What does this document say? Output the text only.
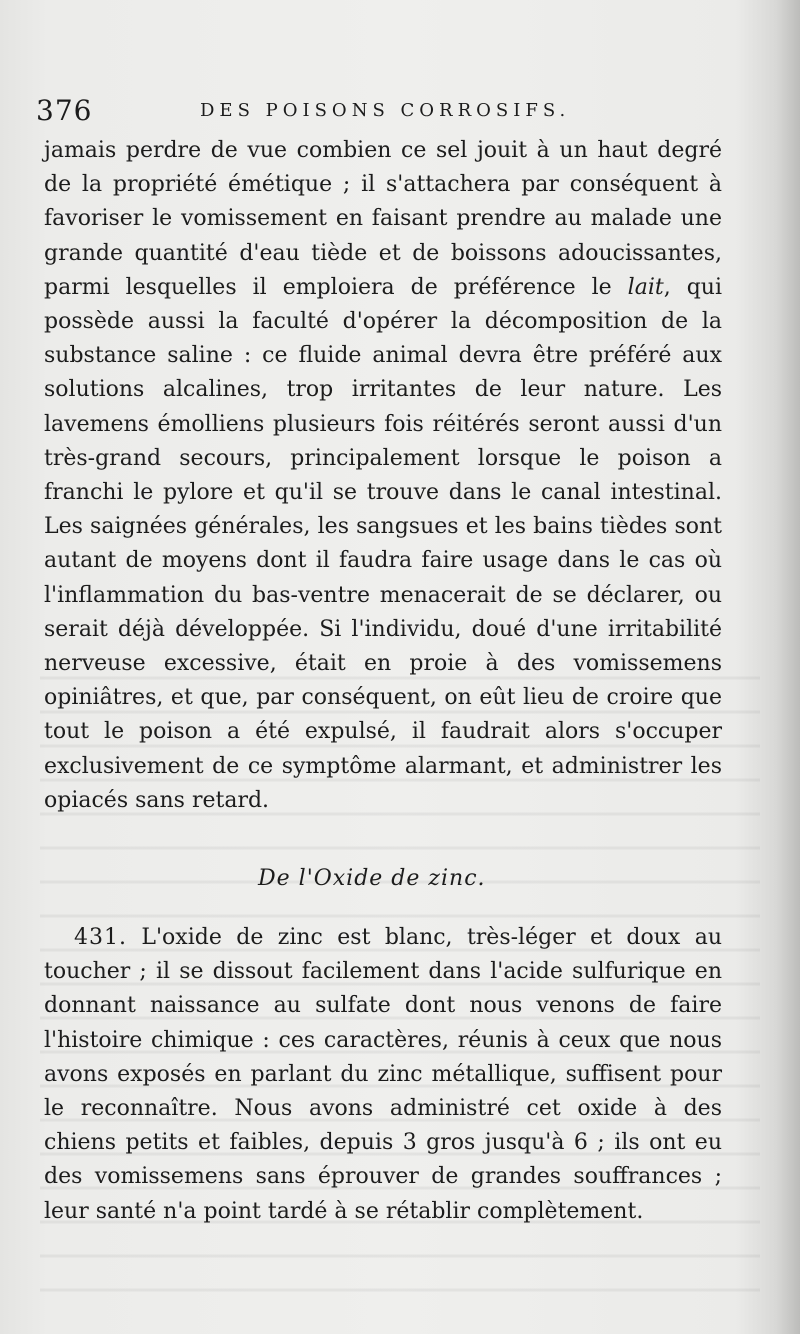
376	DES POISONS CORROSIFS.

jamais perdre de vue combien ce sel jouit à un haut degré de la propriété émétique ; il s'attachera par conséquent à favoriser le vomissement en faisant prendre au malade une grande quantité d'eau tiède et de boissons adoucissantes, parmi lesquelles il emploiera de préférence le lait, qui possède aussi la faculté d'opérer la décomposition de la substance saline : ce fluide animal devra être préféré aux solutions alcalines, trop irritantes de leur nature. Les lavemens émolliens plusieurs fois réitérés seront aussi d'un très-grand secours, principalement lorsque le poison a franchi le pylore et qu'il se trouve dans le canal intestinal. Les saignées générales, les sangsues et les bains tièdes sont autant de moyens dont il faudra faire usage dans le cas où l'inflammation du bas-ventre menacerait de se déclarer, ou serait déjà développée. Si l'individu, doué d'une irritabilité nerveuse excessive, était en proie à des vomissemens opiniâtres, et que, par conséquent, on eût lieu de croire que tout le poison a été expulsé, il faudrait alors s'occuper exclusivement de ce symptôme alarmant, et administrer les opiacés sans retard.

De l'Oxide de zinc.

431. L'oxide de zinc est blanc, très-léger et doux au toucher ; il se dissout facilement dans l'acide sulfurique en donnant naissance au sulfate dont nous venons de faire l'histoire chimique : ces caractères, réunis à ceux que nous avons exposés en parlant du zinc métallique, suffisent pour le reconnaître. Nous avons administré cet oxide à des chiens petits et faibles, depuis 3 gros jusqu'à 6 ; ils ont eu des vomissemens sans éprouver de grandes souffrances ; leur santé n'a point tardé à se rétablir complètement.
